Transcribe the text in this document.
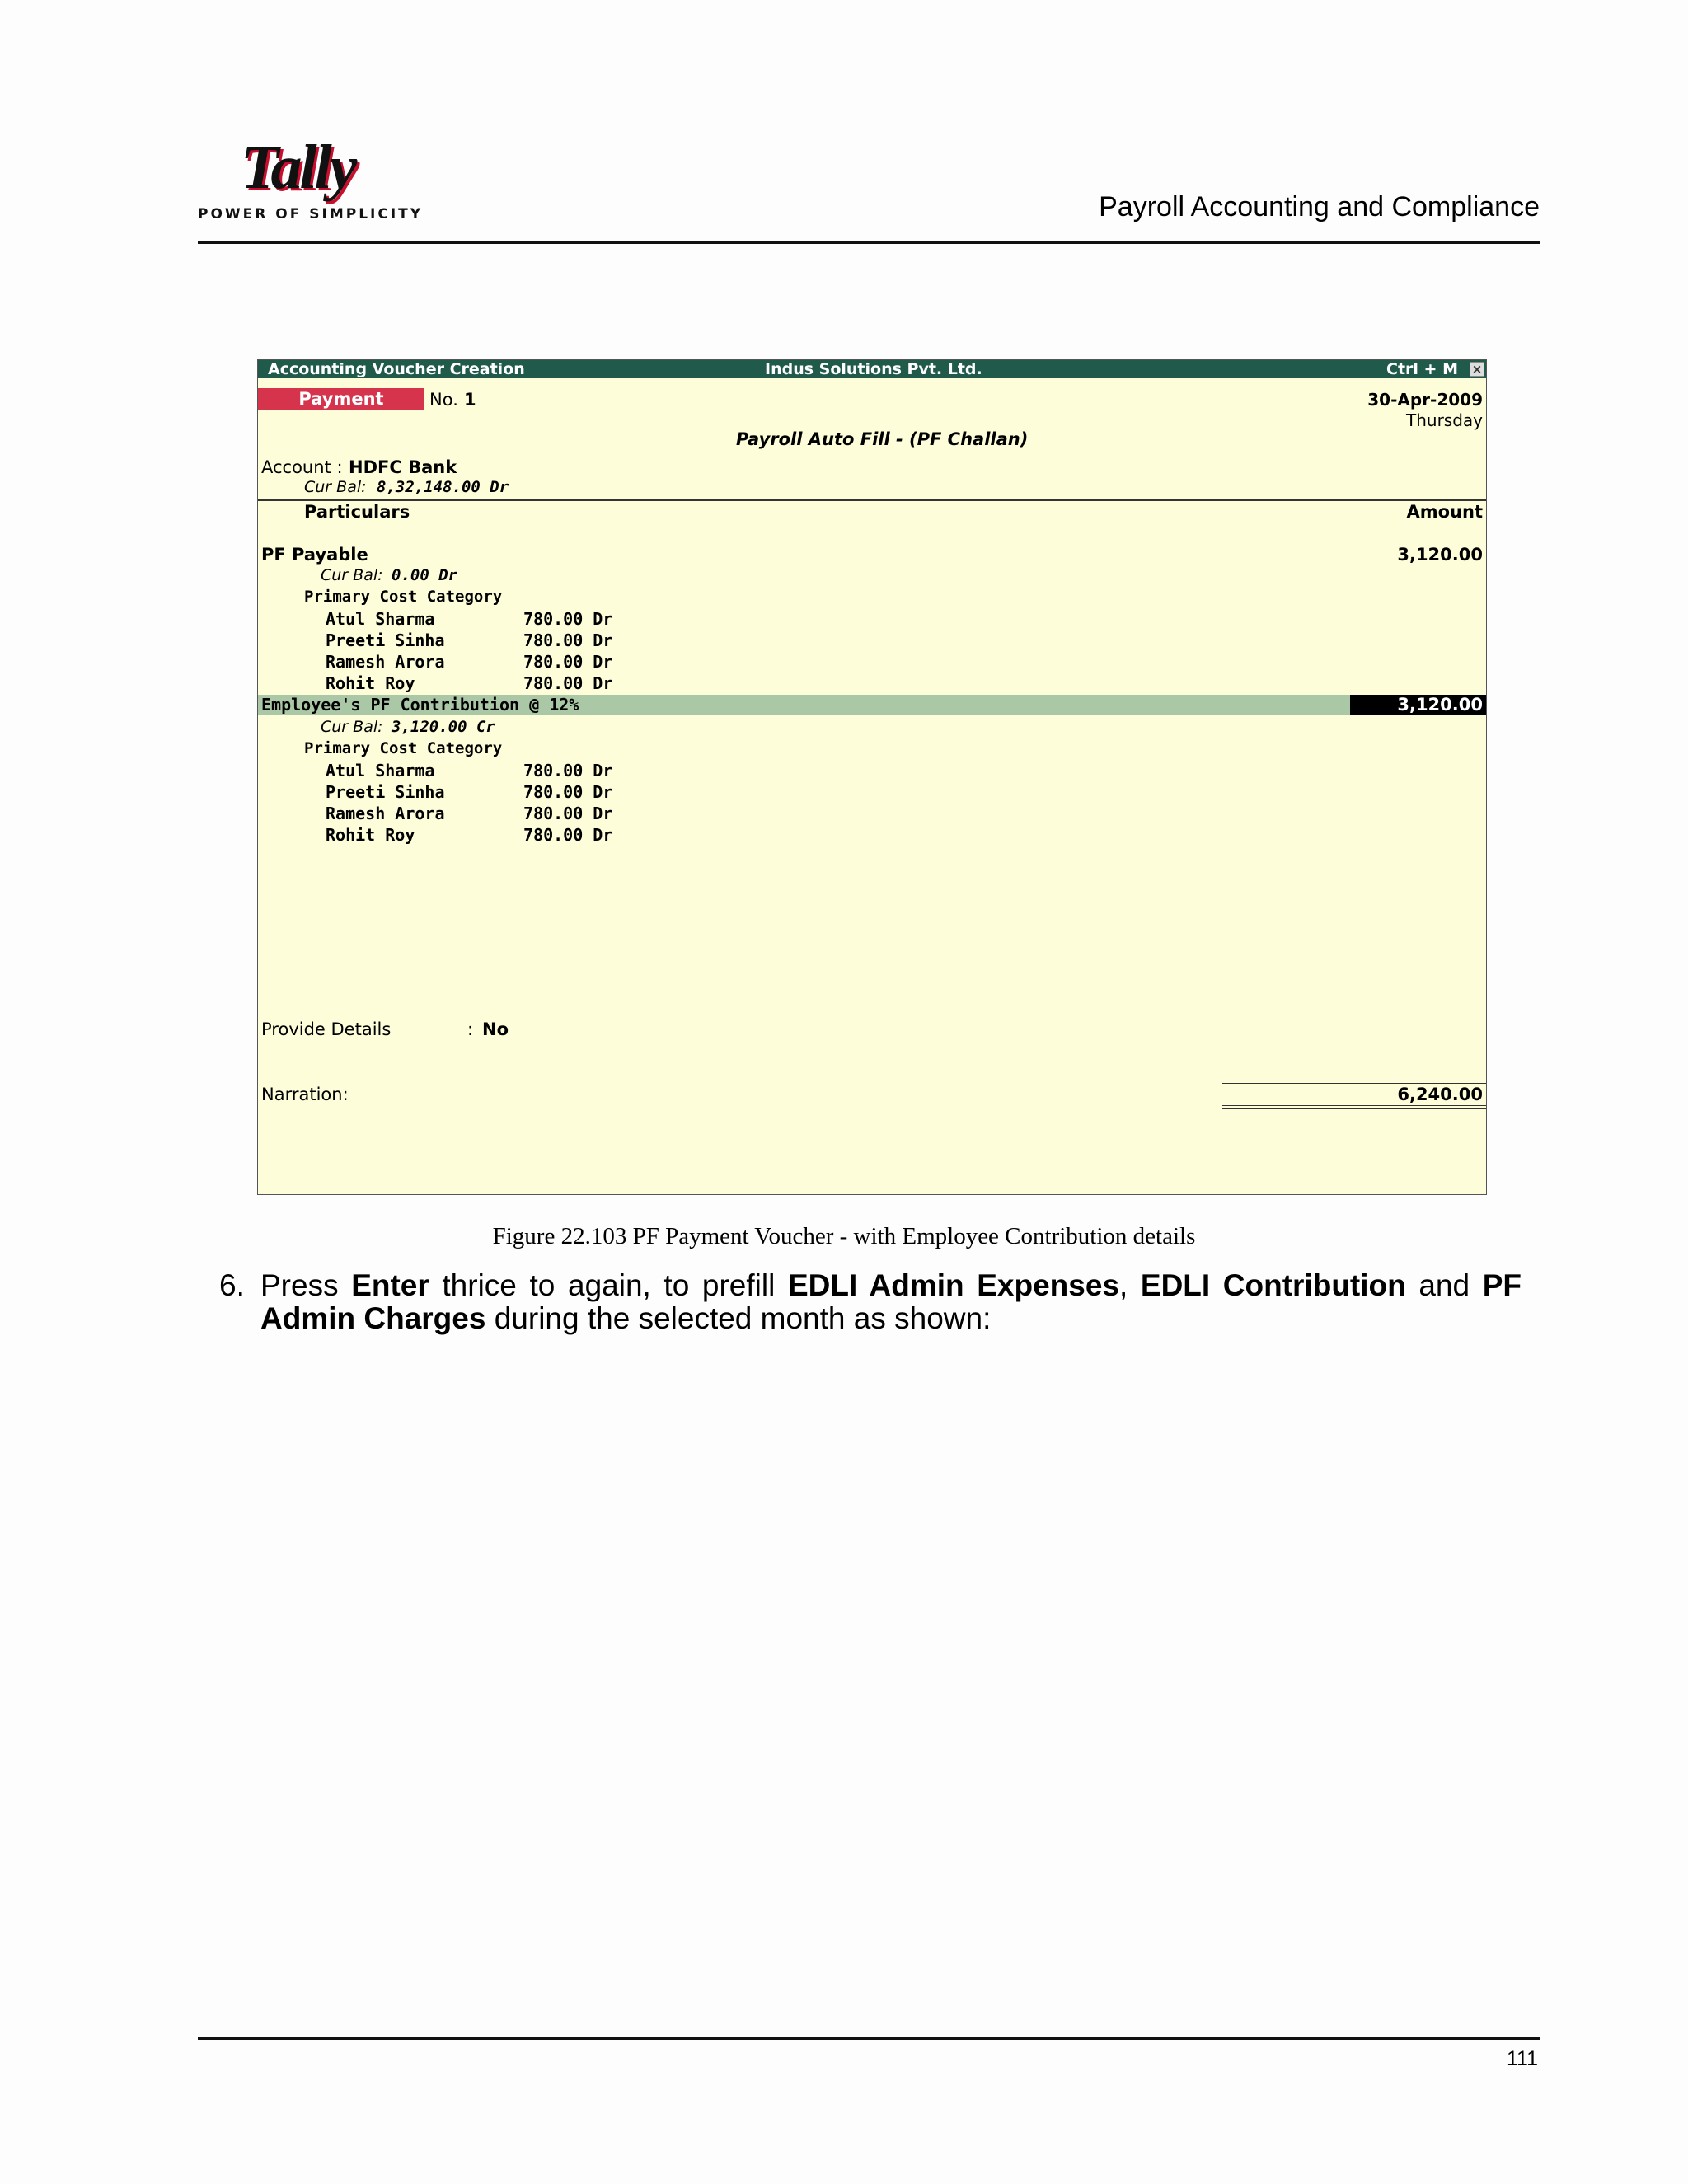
Tally
POWER OF SIMPLICITY	Payroll Accounting and Compliance
Accounting Voucher Creation	Indus Solutions Pvt. Ltd.	Ctrl + M ×
Payment	No. 1	30-Apr-2009
Thursday
Payroll Auto Fill - (PF Challan)
Account : HDFC Bank
Cur Bal: 8,32,148.00 Dr
Particulars	Amount
PF Payable	3,120.00
Cur Bal: 0.00 Dr
Primary Cost Category
Atul Sharma	780.00 Dr
Preeti Sinha	780.00 Dr
Ramesh Arora	780.00 Dr
Rohit Roy	780.00 Dr
Employee's PF Contribution @ 12%	3,120.00
Cur Bal: 3,120.00 Cr
Primary Cost Category
Atul Sharma	780.00 Dr
Preeti Sinha	780.00 Dr
Ramesh Arora	780.00 Dr
Rohit Roy	780.00 Dr
Provide Details	: No
Narration:	6,240.00
Figure 22.103 PF Payment Voucher - with Employee Contribution details
6. Press Enter thrice to again, to prefill EDLI Admin Expenses, EDLI Contribution and PF Admin Charges during the selected month as shown:
111
